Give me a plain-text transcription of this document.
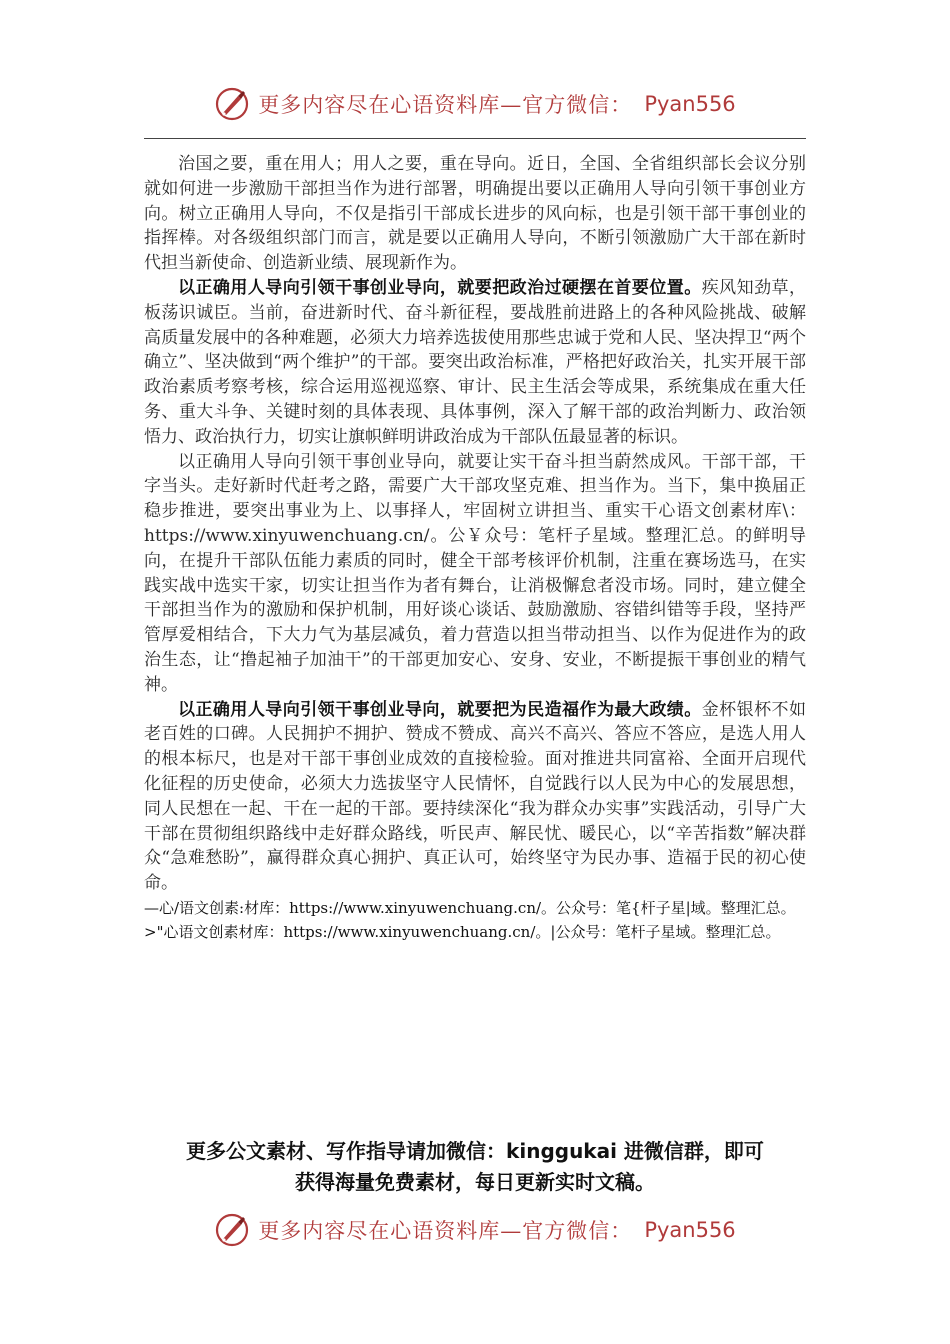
更多内容尽在心语资料库—官方微信： Pyan556

治国之要，重在用人；用人之要，重在导向。近日，全国、全省组织部长会议分别就如何进一步激励干部担当作为进行部署，明确提出要以正确用人导向引领干事创业方向。树立正确用人导向，不仅是指引干部成长进步的风向标，也是引领干部干事创业的指挥棒。对各级组织部门而言，就是要以正确用人导向，不断引领激励广大干部在新时代担当新使命、创造新业绩、展现新作为。

以正确用人导向引领干事创业导向，就要把政治过硬摆在首要位置。疾风知劲草，板荡识诚臣。当前，奋进新时代、奋斗新征程，要战胜前进路上的各种风险挑战、破解高质量发展中的各种难题，必须大力培养选拔使用那些忠诚于党和人民、坚决捍卫“两个确立”、坚决做到“两个维护”的干部。要突出政治标准，严格把好政治关，扎实开展干部政治素质考察考核，综合运用巡视巡察、审计、民主生活会等成果，系统集成在重大任务、重大斗争、关键时刻的具体表现、具体事例，深入了解干部的政治判断力、政治领悟力、政治执行力，切实让旗帜鲜明讲政治成为干部队伍最显著的标识。

以正确用人导向引领干事创业导向，就要让实干奋斗担当蔚然成风。干部干部，干字当头。走好新时代赶考之路，需要广大干部攻坚克难、担当作为。当下，集中换届正稳步推进，要突出事业为上、以事择人，牢固树立讲担当、重实干心语文创素材库\：https://www.xinyuwenchuang.cn/。公￥众号：笔杆子星域。整理汇总。的鲜明导向，在提升干部队伍能力素质的同时，健全干部考核评价机制，注重在赛场选马，在实践实战中选实干家，切实让担当作为者有舞台，让消极懈怠者没市场。同时，建立健全干部担当作为的激励和保护机制，用好谈心谈话、鼓励激励、容错纠错等手段，坚持严管厚爱相结合，下大力气为基层减负，着力营造以担当带动担当、以作为促进作为的政治生态，让“撸起袖子加油干”的干部更加安心、安身、安业，不断提振干事创业的精气神。

以正确用人导向引领干事创业导向，就要把为民造福作为最大政绩。金杯银杯不如老百姓的口碑。人民拥护不拥护、赞成不赞成、高兴不高兴、答应不答应，是选人用人的根本标尺，也是对干部干事创业成效的直接检验。面对推进共同富裕、全面开启现代化征程的历史使命，必须大力选拔坚守人民情怀，自觉践行以人民为中心的发展思想，同人民想在一起、干在一起的干部。要持续深化“我为群众办实事”实践活动，引导广大干部在贯彻组织路线中走好群众路线，听民声、解民忧、暖民心，以“辛苦指数”解决群众“急难愁盼”，赢得群众真心拥护、真正认可，始终坚守为民办事、造福于民的初心使命。

—心/语文创素:材库：https://www.xinyuwenchuang.cn/。公众号：笔{杆子星|域。整理汇总。

>"心语文创素材库：https://www.xinyuwenchuang.cn/。|公众号：笔杆子星域。整理汇总。

更多公文素材、写作指导请加微信：kinggukai 进微信群，即可
获得海量免费素材，每日更新实时文稿。
更多内容尽在心语资料库—官方微信： Pyan556
